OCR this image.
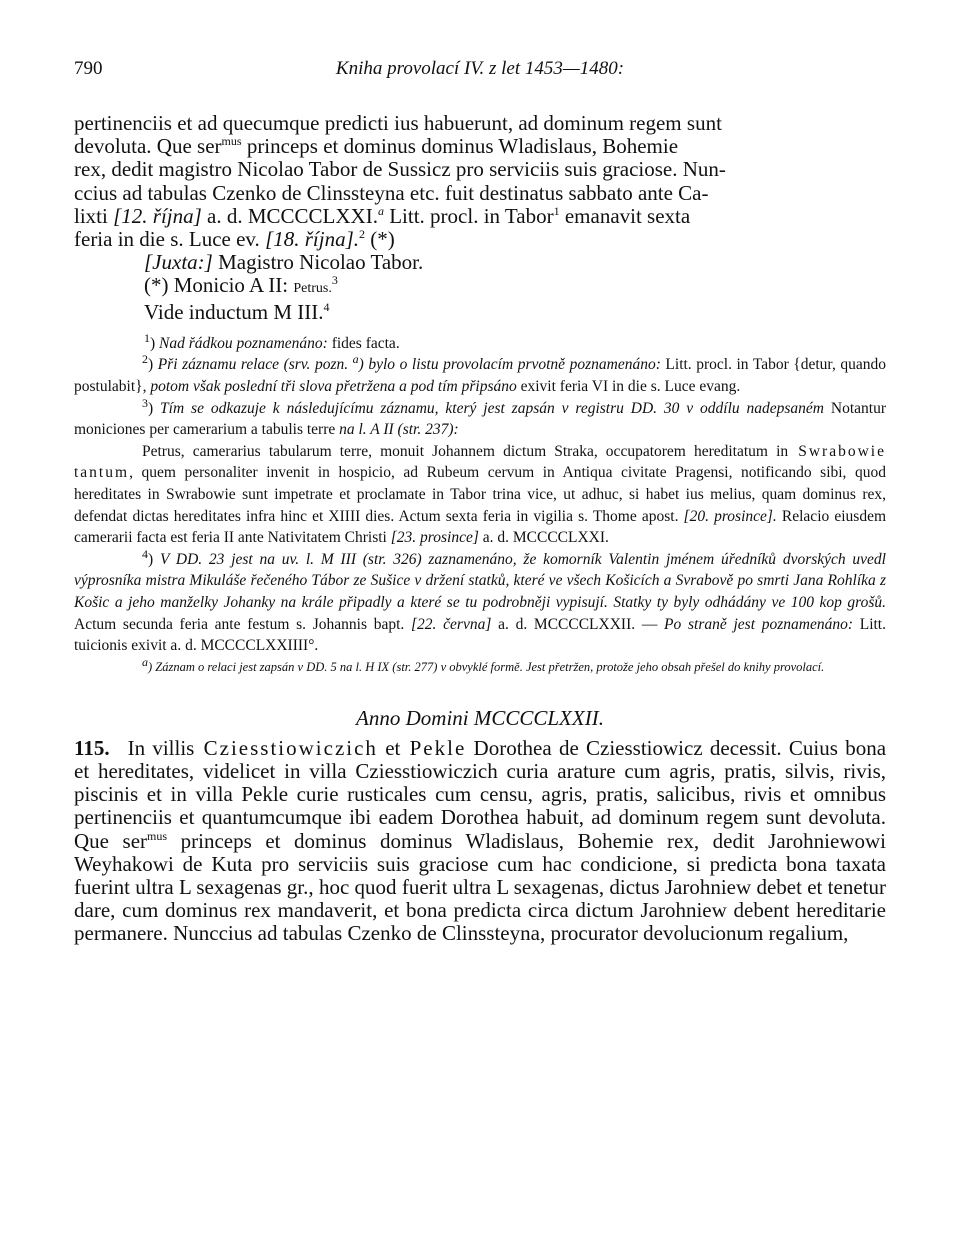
790	Kniha provolací IV. z let 1453—1480:
pertinenciis et ad quecumque predicti ius habuerunt, ad dominum regem sunt
devoluta. Que ser$^{mus}$ princeps et dominus dominus Wladislaus, Bohemie
rex, dedit magistro Nicolao Tabor de Sussicz pro serviciis suis graciose. Nun-
ccius ad tabulas Czenko de Clinssteyna etc. fuit destinatus sabbato ante Ca-
lixti [12. října] a. d. MCCCCLXXI.$^a$ Litt. procl. in Tabor$^1$ emanavit sexta
feria in die s. Luce ev. [18. října].$^2$ (*)
[Juxta:] Magistro Nicolao Tabor.
(*) Monicio A II: Petrus.$^3$
Vide inductum M III.$^4$

$^1$) Nad řádkou poznamenáno: fides facta.

$^2$) Při záznamu relace (srv. pozn. $^a$) bylo o listu provolacím prvotně poznamenáno: Litt. procl. in Tabor {detur, quando postulabit}, potom však poslední tři slova přetržena a pod tím připsáno exivit feria VI in die s. Luce evang.

$^3$) Tím se odkazuje k následujícímu záznamu, který jest zapsán v registru DD. 30 v oddílu nadepsaném Notantur moniciones per camerarium a tabulis terre na l. A II (str. 237):

Petrus, camerarius tabularum terre, monuit Johannem dictum Straka, occupatorem hereditatum in Swrabowie tantum, quem personaliter invenit in hospicio, ad Rubeum cervum in Antiqua civitate Pragensi, notificando sibi, quod hereditates in Swrabowie sunt impetrate et proclamate in Tabor trina vice, ut adhuc, si habet ius melius, quam dominus rex, defendat dictas hereditates infra hinc et XIIII dies. Actum sexta feria in vigilia s. Thome apost. [20. prosince]. Relacio eiusdem camerarii facta est feria II ante Nativitatem Christi [23. prosince] a. d. MCCCCLXXI.

$^4$) V DD. 23 jest na uv. l. M III (str. 326) zaznamenáno, že komorník Valentin jménem úředníků dvorských uvedl výprosníka mistra Mikuláše řečeného Tábor ze Sušice v držení statků, které ve všech Košicích a Svrabově po smrti Jana Rohlíka z Košic a jeho manželky Johanky na krále připadly a které se tu podrobněji vypisují. Statky ty byly odhádány ve 100 kop grošů. Actum secunda feria ante festum s. Johannis bapt. [22. června] a. d. MCCCCLXXII. — Po straně jest poznamenáno: Litt. tuicionis exivit a. d. MCCCCLXXIIII°.

$^a$) Záznam o relaci jest zapsán v DD. 5 na l. H IX (str. 277) v obvyklé formě. Jest přetržen, protože jeho obsah přešel do knihy provolací.

Anno Domini MCCCCLXXII.
115. In villis Cziesstiowiczich et Pekle Dorothea de Cziesstiowicz decessit. Cuius bona et hereditates, videlicet in villa Cziesstiowiczich curia arature cum agris, pratis, silvis, rivis, piscinis et in villa Pekle curie rusticales cum censu, agris, pratis, salicibus, rivis et omnibus pertinenciis et quantumcumque ibi eadem Dorothea habuit, ad dominum regem sunt devoluta. Que ser$^{mus}$ princeps et dominus dominus Wladislaus, Bohemie rex, dedit Jarohniewowi Weyhakowi de Kuta pro serviciis suis graciose cum hac condicione, si predicta bona taxata fuerint ultra L sexagenas gr., hoc quod fuerit ultra L sexagenas, dictus Jarohniew debet et tenetur dare, cum dominus rex mandaverit, et bona predicta circa dictum Jarohniew debent hereditarie permanere. Nunccius ad tabulas Czenko de Clinssteyna, procurator devolucionum regalium,
